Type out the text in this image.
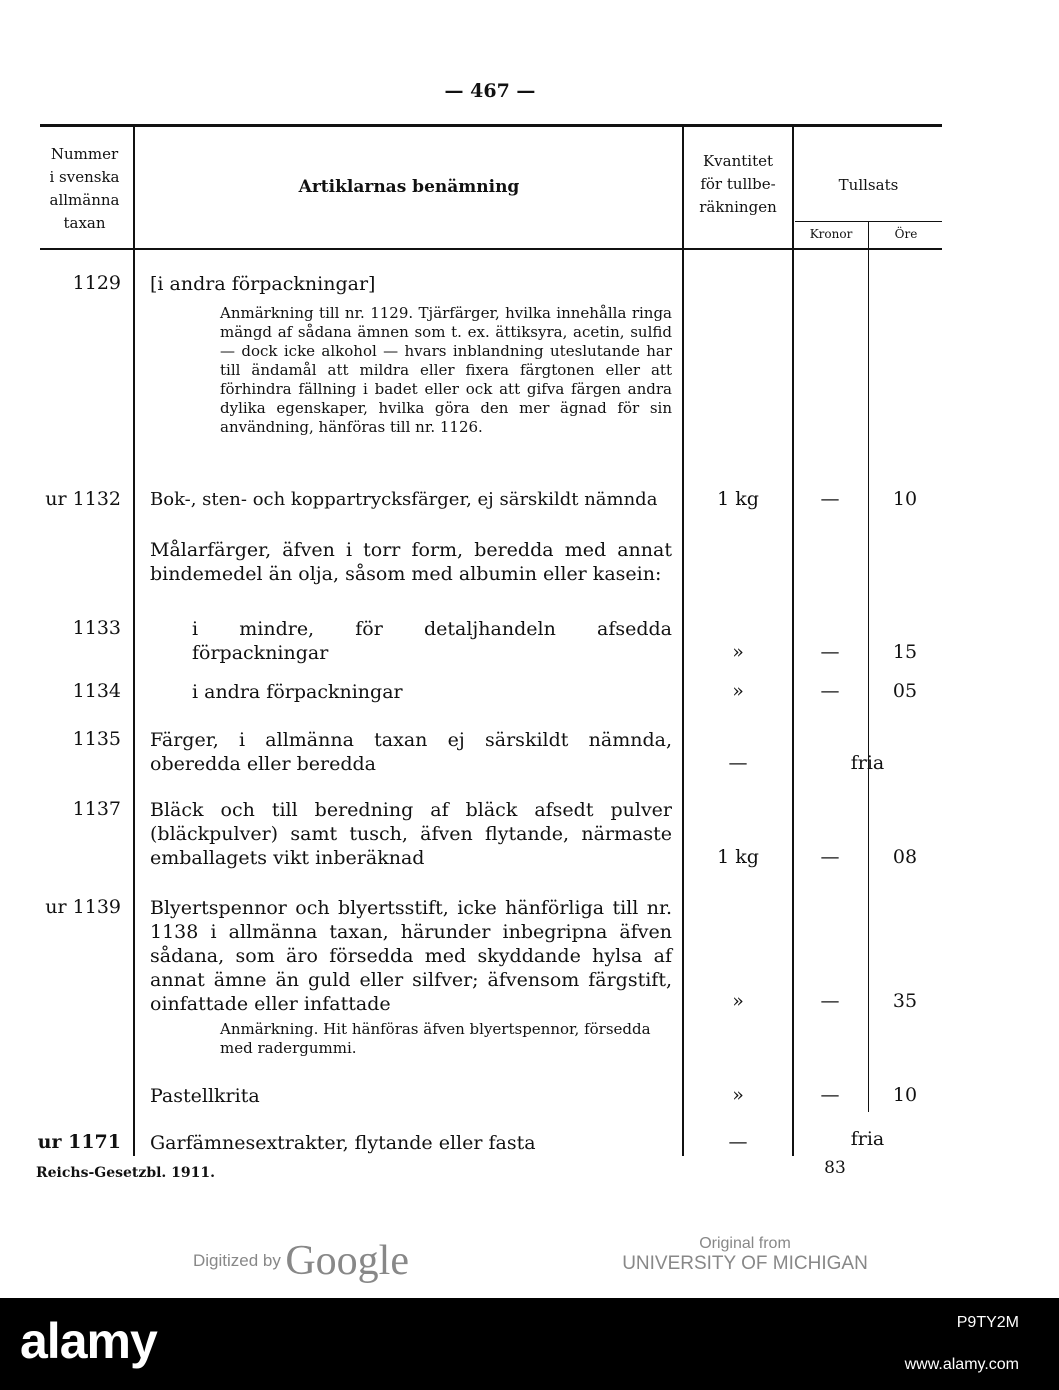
— 467 —
Nummer
i svenska
allmänna
taxan
Artiklarnas benämning
Kvantitet
för tullbe-
räkningen
Tullsats
Kronor	Öre
1129 [i andra förpackningar]
Anmärkning till nr. 1129. Tjärfärger, hvilka innehålla ringa mängd af sådana ämnen som t. ex. ättiksyra, acetin, sulfid — dock icke alkohol — hvars inblandning uteslutande har till ändamål att mildra eller fixera färgtonen eller att förhindra fällning i badet eller ock att gifva färgen andra dylika egenskaper, hvilka göra den mer ägnad för sin användning, hänföras till nr. 1126.
ur 1132 Bok-, sten- och koppartrycksfärger, ej särskildt nämnda	1 kg	—	10
Målarfärger, äfven i torr form, beredda med annat bindemedel än olja, såsom med albumin eller kasein:
1133	i mindre, för detaljhandeln afsedda förpackningar	»	—	15
1134	i andra förpackningar	»	—	05
1135 Färger, i allmänna taxan ej särskildt nämnda, oberedda eller beredda	—	fria
1137 Bläck och till beredning af bläck afsedt pulver (bläckpulver) samt tusch, äfven flytande, närmaste emballagets vikt inberäknad	1 kg	—	08
ur 1139 Blyertspennor och blyertsstift, icke hänförliga till nr. 1138 i allmänna taxan, härunder inbegripna äfven sådana, som äro försedda med skyddande hylsa af annat ämne än guld eller silfver; äfvensom färgstift, oinfattade eller infattade	»	—	35
Anmärkning. Hit hänföras äfven blyertspennor, försedda med radergummi.
Pastellkrita	»	—	10
ur 1171 Garfämnesextrakter, flytande eller fasta	—	fria
Reichs-Gesetzbl. 1911.	83
Digitized by Google	Original from
UNIVERSITY OF MICHIGAN
alamy	P9TY2M
www.alamy.com
